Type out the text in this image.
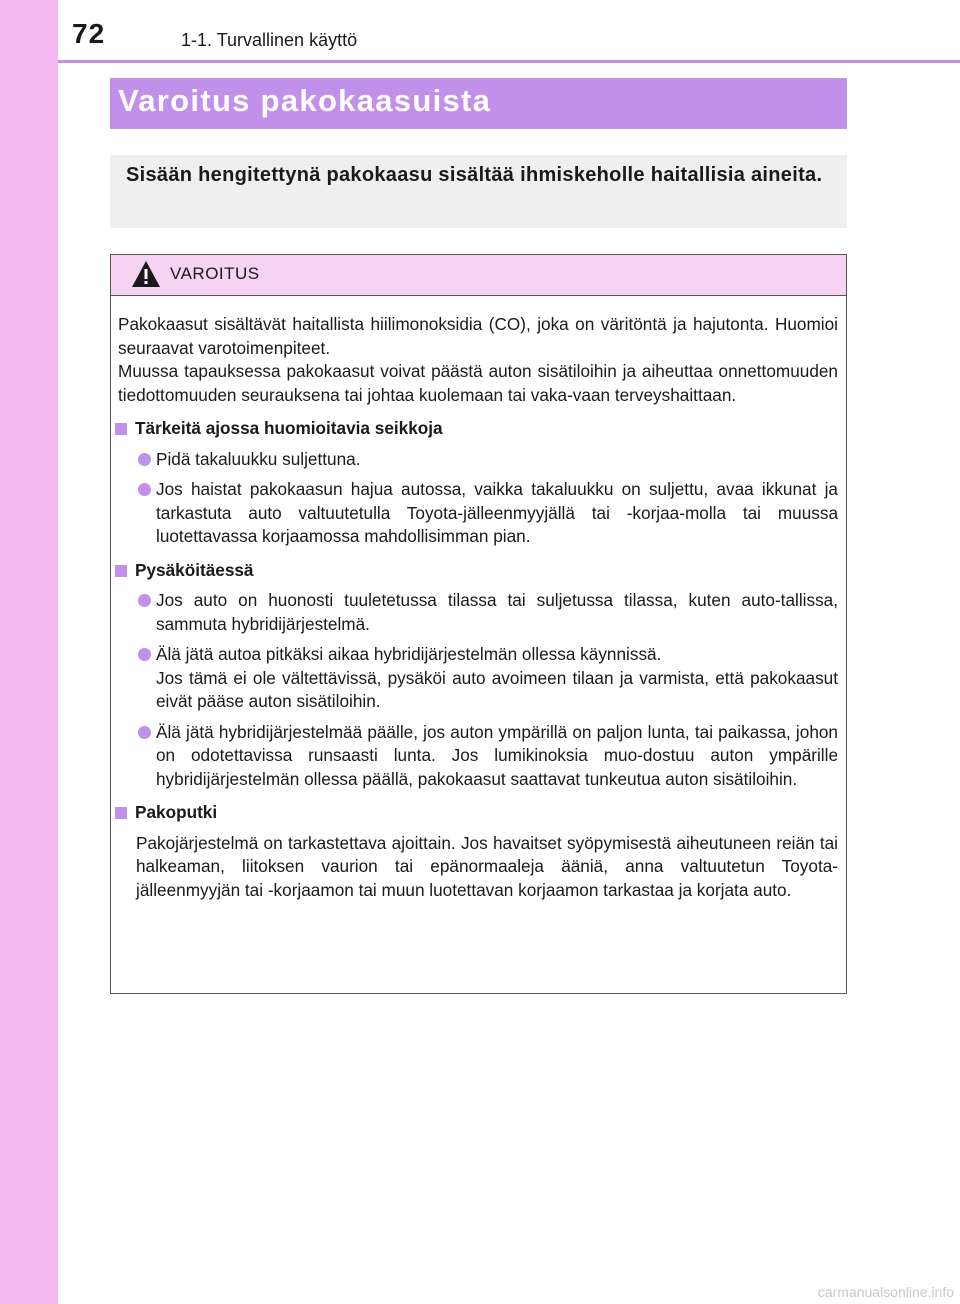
72	1-1. Turvallinen käyttö
Varoitus pakokaasuista

Sisään hengitettynä pakokaasu sisältää ihmiskeholle haitallisia aineita.

VAROITUS

Pakokaasut sisältävät haitallista hiilimonoksidia (CO), joka on väritöntä ja hajutonta. Huomioi seuraavat varotoimenpiteet.

Muussa tapauksessa pakokaasut voivat päästä auton sisätiloihin ja aiheuttaa onnettomuuden tiedottomuuden seurauksena tai johtaa kuolemaan tai vaka-vaan terveyshaittaan.

Tärkeitä ajossa huomioitavia seikkoja
Pidä takaluukku suljettuna.
Jos haistat pakokaasun hajua autossa, vaikka takaluukku on suljettu, avaa ikkunat ja tarkastuta auto valtuutetulla Toyota-jälleenmyyjällä tai -korjaa-molla tai muussa luotettavassa korjaamossa mahdollisimman pian.
Pysäköitäessä
Jos auto on huonosti tuuletetussa tilassa tai suljetussa tilassa, kuten auto-tallissa, sammuta hybridijärjestelmä.
Älä jätä autoa pitkäksi aikaa hybridijärjestelmän ollessa käynnissä.
Jos tämä ei ole vältettävissä, pysäköi auto avoimeen tilaan ja varmista, että pakokaasut eivät pääse auton sisätiloihin.
Älä jätä hybridijärjestelmää päälle, jos auton ympärillä on paljon lunta, tai paikassa, johon on odotettavissa runsaasti lunta. Jos lumikinoksia muo-dostuu auton ympärille hybridijärjestelmän ollessa päällä, pakokaasut saattavat tunkeutua auton sisätiloihin.
Pakoputki

Pakojärjestelmä on tarkastettava ajoittain. Jos havaitset syöpymisestä aiheutuneen reiän tai halkeaman, liitoksen vaurion tai epänormaaleja ääniä, anna valtuutetun Toyota-jälleenmyyjän tai -korjaamon tai muun luotettavan korjaamon tarkastaa ja korjata auto.

carmanualsonline.info
